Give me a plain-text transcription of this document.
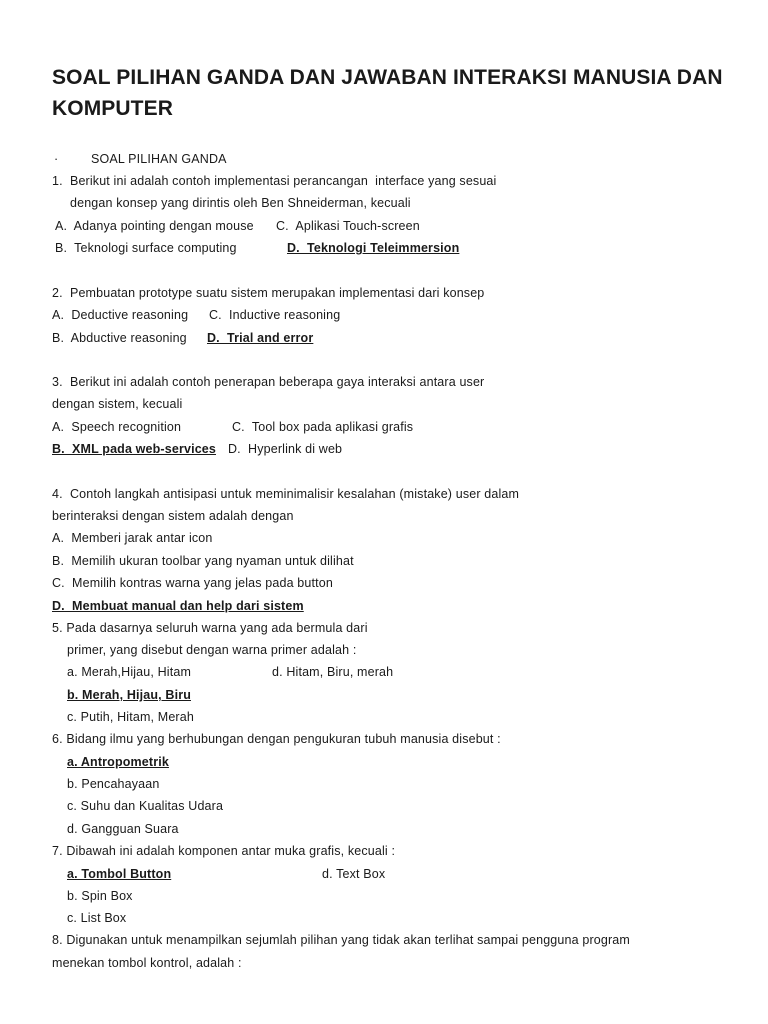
SOAL PILIHAN GANDA DAN JAWABAN INTERAKSI MANUSIA DAN KOMPUTER
·	SOAL PILIHAN GANDA
1.  Berikut ini adalah contoh implementasi perancangan  interface yang sesuai
dengan konsep yang dirintis oleh Ben Shneiderman, kecuali
A.  Adanya pointing dengan mouse C.  Aplikasi Touch-screen
B.  Teknologi surface computing	D.  Teknologi Teleimmersion
2.  Pembuatan prototype suatu sistem merupakan implementasi dari konsep
A.  Deductive reasoning C.  Inductive reasoning
B.  Abductive reasoning D.  Trial and error
3.  Berikut ini adalah contoh penerapan beberapa gaya interaksi antara user
dengan sistem, kecuali
A.  Speech recognition	C.  Tool box pada aplikasi grafis
B.  XML pada web-services D.  Hyperlink di web
4.  Contoh langkah antisipasi untuk meminimalisir kesalahan (mistake) user dalam
berinteraksi dengan sistem adalah dengan
A.  Memberi jarak antar icon
B.  Memilih ukuran toolbar yang nyaman untuk dilihat
C.  Memilih kontras warna yang jelas pada button
D.  Membuat manual dan help dari sistem
5. Pada dasarnya seluruh warna yang ada bermula dari
primer, yang disebut dengan warna primer adalah :
a. Merah,Hijau, Hitam	d. Hitam, Biru, merah
b. Merah, Hijau, Biru
c. Putih, Hitam, Merah
6. Bidang ilmu yang berhubungan dengan pengukuran tubuh manusia disebut :
a. Antropometrik
b. Pencahayaan
c. Suhu dan Kualitas Udara
d. Gangguan Suara
7. Dibawah ini adalah komponen antar muka grafis, kecuali :
a. Tombol Button	d. Text Box
b. Spin Box
c. List Box
8. Digunakan untuk menampilkan sejumlah pilihan yang tidak akan terlihat sampai pengguna program
menekan tombol kontrol, adalah :
